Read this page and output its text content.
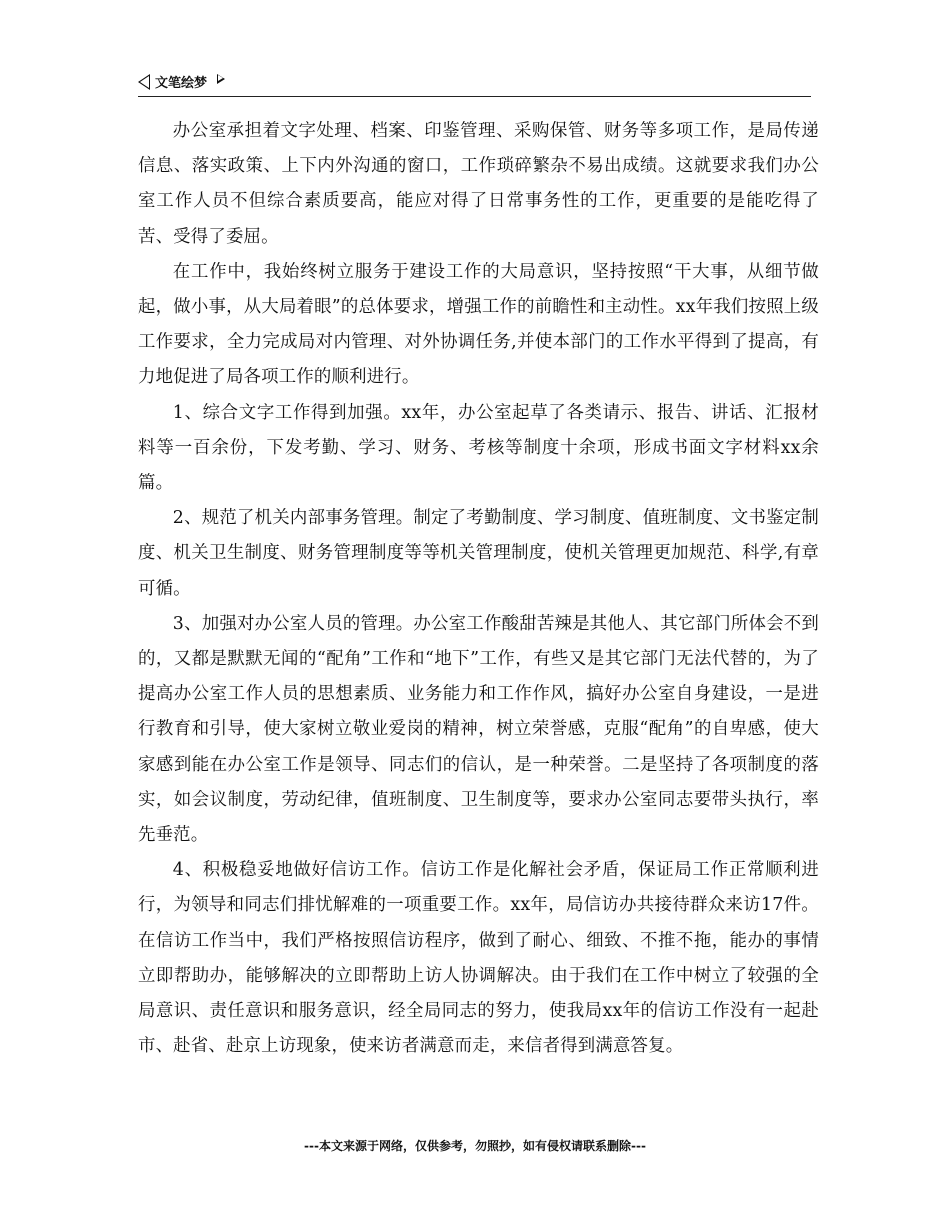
文笔绘梦

办公室承担着文字处理、档案、印鉴管理、采购保管、财务等多项工作，是局传递信息、落实政策、上下内外沟通的窗口，工作琐碎繁杂不易出成绩。这就要求我们办公室工作人员不但综合素质要高，能应对得了日常事务性的工作，更重要的是能吃得了苦、受得了委屈。

在工作中，我始终树立服务于建设工作的大局意识，坚持按照“干大事，从细节做起，做小事，从大局着眼”的总体要求，增强工作的前瞻性和主动性。xx年我们按照上级工作要求，全力完成局对内管理、对外协调任务,并使本部门的工作水平得到了提高，有力地促进了局各项工作的顺利进行。

1、综合文字工作得到加强。xx年，办公室起草了各类请示、报告、讲话、汇报材料等一百余份，下发考勤、学习、财务、考核等制度十余项，形成书面文字材料xx余篇。

2、规范了机关内部事务管理。制定了考勤制度、学习制度、值班制度、文书鉴定制度、机关卫生制度、财务管理制度等等机关管理制度，使机关管理更加规范、科学,有章可循。

3、加强对办公室人员的管理。办公室工作酸甜苦辣是其他人、其它部门所体会不到的，又都是默默无闻的“配角”工作和“地下”工作，有些又是其它部门无法代替的，为了提高办公室工作人员的思想素质、业务能力和工作作风，搞好办公室自身建设，一是进行教育和引导，使大家树立敬业爱岗的精神，树立荣誉感，克服“配角”的自卑感，使大家感到能在办公室工作是领导、同志们的信认，是一种荣誉。二是坚持了各项制度的落实，如会议制度，劳动纪律，值班制度、卫生制度等，要求办公室同志要带头执行，率先垂范。

4、积极稳妥地做好信访工作。信访工作是化解社会矛盾，保证局工作正常顺利进行，为领导和同志们排忧解难的一项重要工作。xx年，局信访办共接待群众来访17件。在信访工作当中，我们严格按照信访程序，做到了耐心、细致、不推不拖，能办的事情立即帮助办，能够解决的立即帮助上访人协调解决。由于我们在工作中树立了较强的全局意识、责任意识和服务意识，经全局同志的努力，使我局xx年的信访工作没有一起赴市、赴省、赴京上访现象，使来访者满意而走，来信者得到满意答复。

---本文来源于网络，仅供参考，勿照抄，如有侵权请联系删除---
